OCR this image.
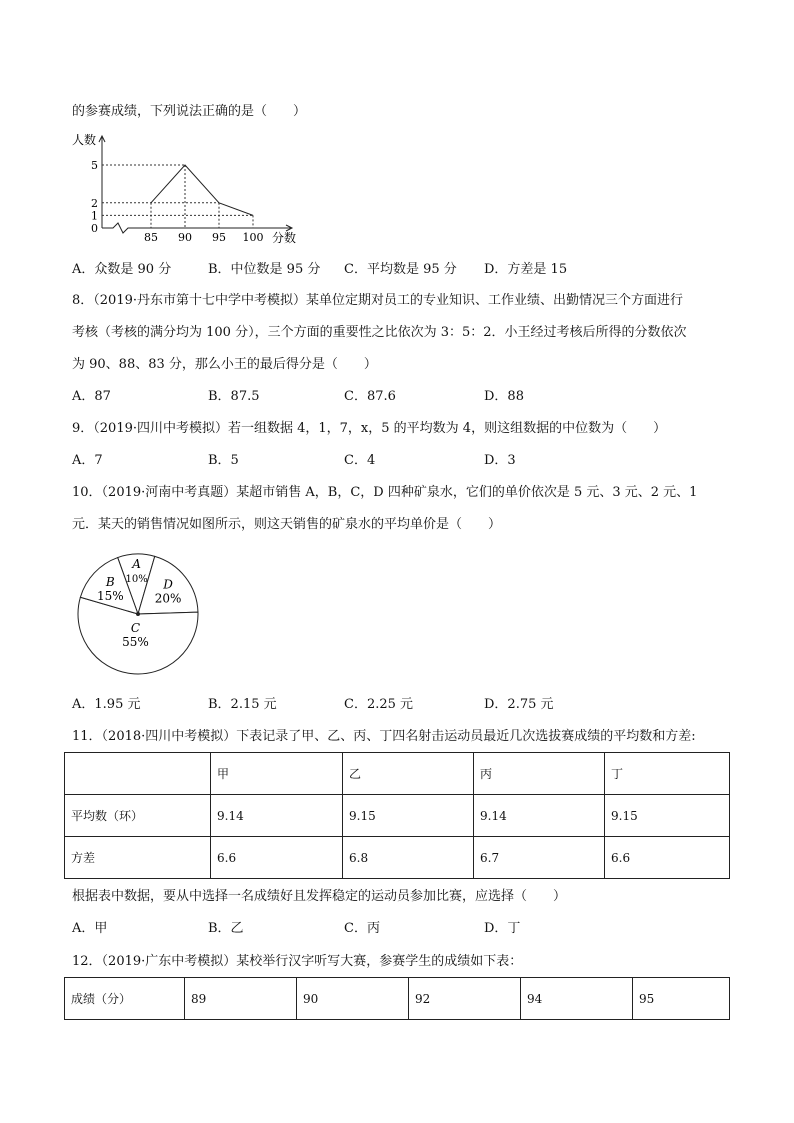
的参赛成绩，下列说法正确的是（　　）
人数
分数
0
5
2
1
85 90 95 100
A．众数是 90 分	B．中位数是 95 分 C．平均数是 95 分 D．方差是 15
8．（2019·丹东市第十七中学中考模拟）某单位定期对员工的专业知识、工作业绩、出勤情况三个方面进行
考核（考核的满分均为 100 分），三个方面的重要性之比依次为 3：5：2．小王经过考核后所得的分数依次
为 90、88、83 分，那么小王的最后得分是（　　）
A．87	B．87.5	C．87.6	D．88
9．（2019·四川中考模拟）若一组数据 4，1，7，x，5 的平均数为 4，则这组数据的中位数为（　　）
A．7	B．5	C．4	D．3
10．（2019·河南中考真题）某超市销售 A，B，C，D 四种矿泉水，它们的单价依次是 5 元、3 元、2 元、1
元．某天的销售情况如图所示，则这天销售的矿泉水的平均单价是（　　）
A
10% D
20%
C
55%
B
15%
A．1.95 元	B．2.15 元	C．2.25 元	D．2.75 元
11．（2018·四川中考模拟）下表记录了甲、乙、丙、丁四名射击运动员最近几次选拔赛成绩的平均数和方差:
	甲	乙	丙	丁
平均数（环）	9.14	9.15	9.14	9.15
方差	6.6	6.8	6.7	6.6
根据表中数据，要从中选择一名成绩好且发挥稳定的运动员参加比赛，应选择（　　）
A．甲	B．乙	C．丙	D．丁
12．（2019·广东中考模拟）某校举行汉字听写大赛，参赛学生的成绩如下表：
成绩（分）	89	90	92	94	95
